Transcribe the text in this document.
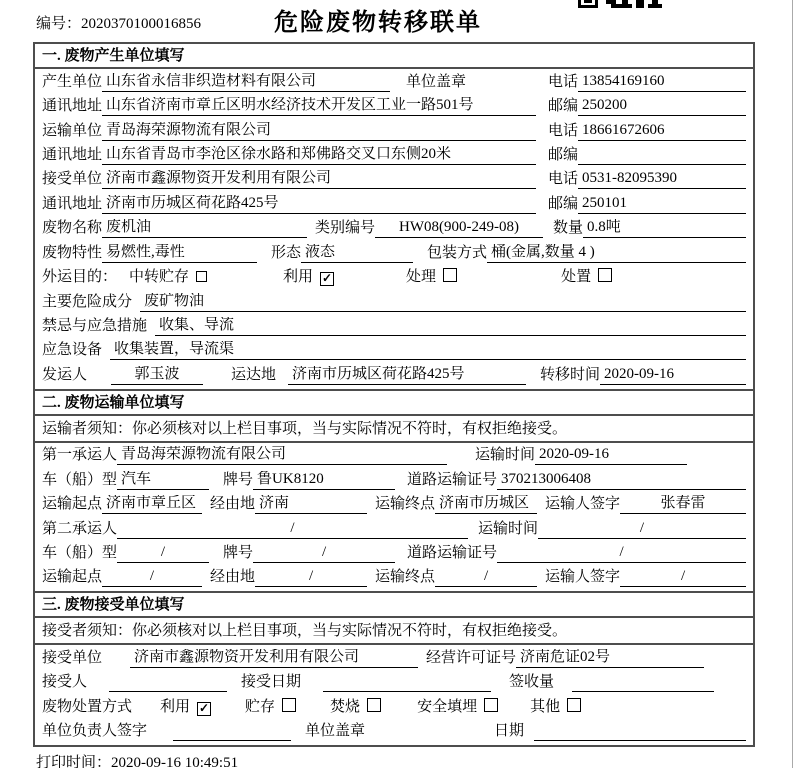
编号：2020370100016856	危险废物转移联单
一. 废物产生单位填写
产生单位 山东省永信非织造材料有限公司	单位盖章	电话 13854169160
通讯地址 山东省济南市章丘区明水经济技术开发区工业一路501号	邮编 250200
运输单位 青岛海荣源物流有限公司	电话 18661672606
通讯地址 山东省青岛市李沧区徐水路和郑佛路交叉口东侧20米	邮编
接受单位 济南市鑫源物资开发利用有限公司	电话 0531-82095390
通讯地址 济南市历城区荷花路425号	邮编 250101
废物名称 废机油	类别编号	HW08(900-249-08)	数量 0.8吨
废物特性 易燃性,毒性	形态 液态	包装方式 桶(金属,数量 4 )
外运目的： 中转贮存	利用 ✓	处理	处置
主要危险成分 废矿物油
禁忌与应急措施 收集、导流
应急设备 收集装置，导流渠
发运人	郭玉波	运达地 济南市历城区荷花路425号	转移时间 2020-09-16
二. 废物运输单位填写
运输者须知：你必须核对以上栏目事项，当与实际情况不符时，有权拒绝接受。
第一承运人 青岛海荣源物流有限公司	运输时间 2020-09-16
车（船）型 汽车	牌号 鲁UK8120	道路运输证号 370213006408
运输起点 济南市章丘区 经由地 济南	运输终点 济南市历城区	运输人签字	张春雷
第二承运人	/	运输时间	/
车（船）型	/	牌号	/	道路运输证号	/
运输起点	/	经由地	/	运输终点	/	运输人签字	/
三. 废物接受单位填写
接受者须知：你必须核对以上栏目事项，当与实际情况不符时，有权拒绝接受。
接受单位 济南市鑫源物资开发利用有限公司	经营许可证号 济南危证02号
接受人	接受日期	签收量
废物处置方式 利用 ✓ 贮存	焚烧	安全填埋	其他
单位负责人签字	单位盖章	日期
打印时间：2020-09-16 10:49:51
